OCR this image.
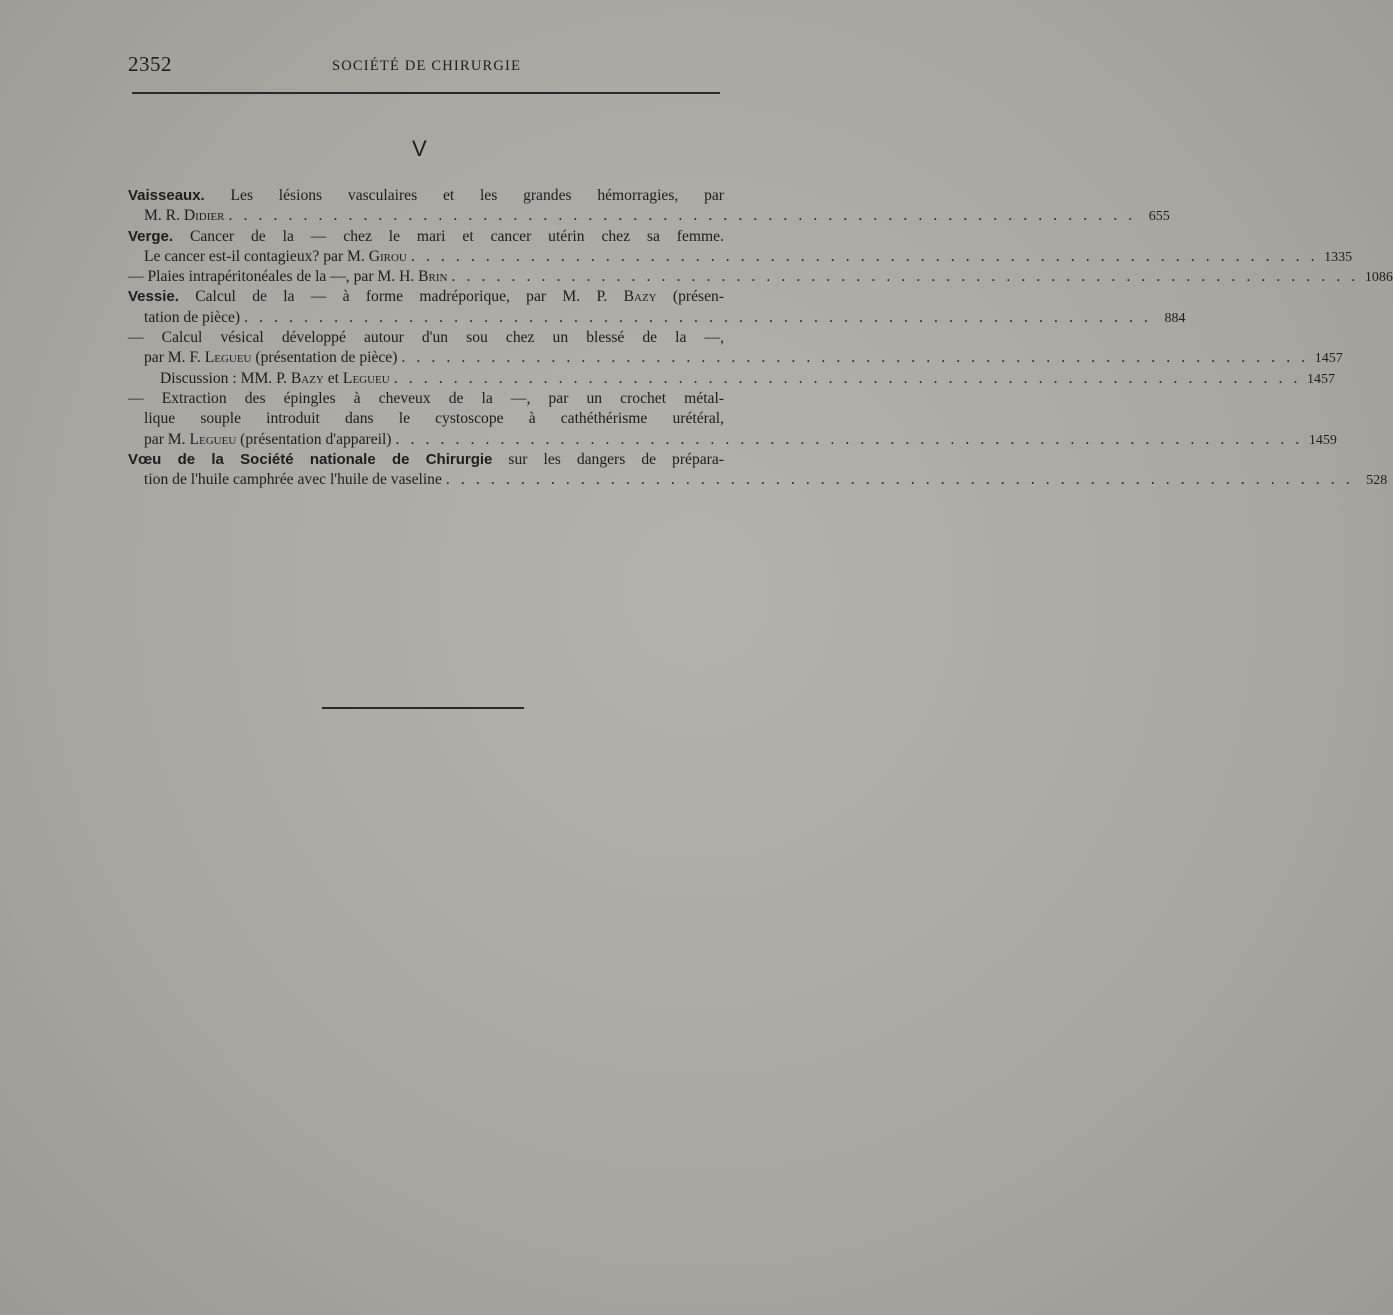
2352	SOCIÉTÉ DE CHIRURGIE
V
Vaisseaux. Les lésions vasculaires et les grandes hémorragies, par
M. R. Didier . . . . . . . . . . . . . . . . . . . . . . . . . . . . . . . . . . . . . . . . . . . . . . . . . . . . . . . . . . . . . 655
Verge. Cancer de la — chez le mari et cancer utérin chez sa femme.
Le cancer est-il contagieux? par M. Girou . . . . . . . . . . . . . . . . . . . . . . . . . . . . . . . . . . . . . . . . . . . . . . . . . . . . . . . . . . . . . 1335
— Plaies intrapéritonéales de la —, par M. H. Brin . . . . . . . . . . . . . . . . . . . . . . . . . . . . . . . . . . . . . . . . . . . . . . . . . . . . . . . . . . . . . 1086
Vessie. Calcul de la — à forme madréporique, par M. P. Bazy (présen-
tation de pièce) . . . . . . . . . . . . . . . . . . . . . . . . . . . . . . . . . . . . . . . . . . . . . . . . . . . . . . . . . . . . . 884
— Calcul vésical développé autour d'un sou chez un blessé de la —,
par M. F. Legueu (présentation de pièce) . . . . . . . . . . . . . . . . . . . . . . . . . . . . . . . . . . . . . . . . . . . . . . . . . . . . . . . . . . . . . 1457
Discussion : MM. P. Bazy et Legueu . . . . . . . . . . . . . . . . . . . . . . . . . . . . . . . . . . . . . . . . . . . . . . . . . . . . . . . . . . . . . 1457
— Extraction des épingles à cheveux de la —, par un crochet métal-
lique souple introduit dans le cystoscope à cathéthérisme urétéral,
par M. Legueu (présentation d'appareil) . . . . . . . . . . . . . . . . . . . . . . . . . . . . . . . . . . . . . . . . . . . . . . . . . . . . . . . . . . . . . 1459
Vœu de la Société nationale de Chirurgie sur les dangers de prépara-
tion de l'huile camphrée avec l'huile de vaseline . . . . . . . . . . . . . . . . . . . . . . . . . . . . . . . . . . . . . . . . . . . . . . . . . . . . . . . . . . . . . 528
